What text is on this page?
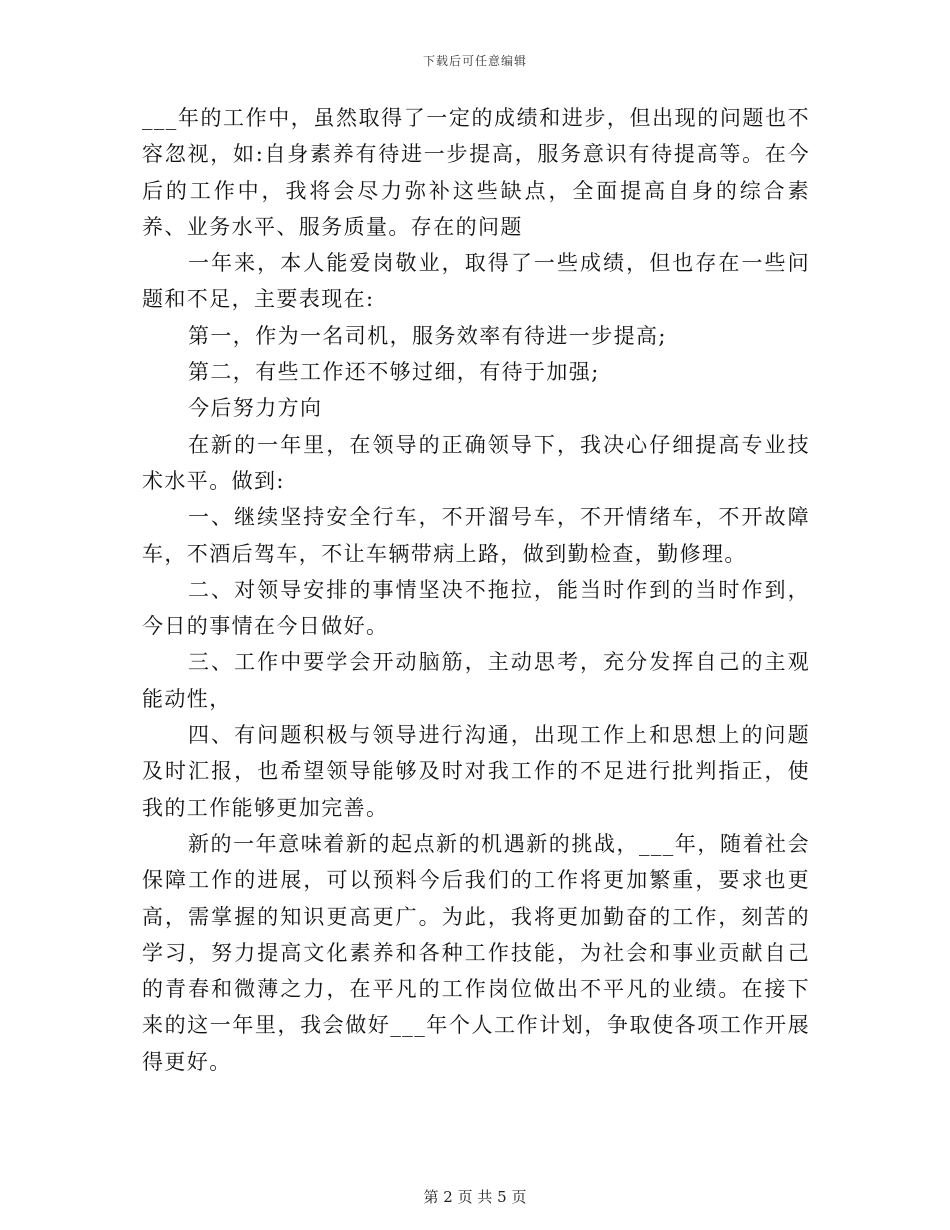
下载后可任意编辑

___年的工作中，虽然取得了一定的成绩和进步，但出现的问题也不容忽视，如:自身素养有待进一步提高，服务意识有待提高等。在今后的工作中，我将会尽力弥补这些缺点，全面提高自身的综合素养、业务水平、服务质量。存在的问题

一年来，本人能爱岗敬业，取得了一些成绩，但也存在一些问题和不足，主要表现在:

第一，作为一名司机，服务效率有待进一步提高;

第二，有些工作还不够过细，有待于加强;

今后努力方向

在新的一年里，在领导的正确领导下，我决心仔细提高专业技术水平。做到:

一、继续坚持安全行车，不开溜号车，不开情绪车，不开故障车，不酒后驾车，不让车辆带病上路，做到勤检查，勤修理。

二、对领导安排的事情坚决不拖拉，能当时作到的当时作到，今日的事情在今日做好。

三、工作中要学会开动脑筋，主动思考，充分发挥自己的主观能动性，

四、有问题积极与领导进行沟通，出现工作上和思想上的问题及时汇报，也希望领导能够及时对我工作的不足进行批判指正，使我的工作能够更加完善。

新的一年意味着新的起点新的机遇新的挑战，___年，随着社会保障工作的进展，可以预料今后我们的工作将更加繁重，要求也更高，需掌握的知识更高更广。为此，我将更加勤奋的工作，刻苦的学习，努力提高文化素养和各种工作技能，为社会和事业贡献自己的青春和微薄之力，在平凡的工作岗位做出不平凡的业绩。在接下来的这一年里，我会做好___年个人工作计划，争取使各项工作开展得更好。

第 2 页 共 5 页
